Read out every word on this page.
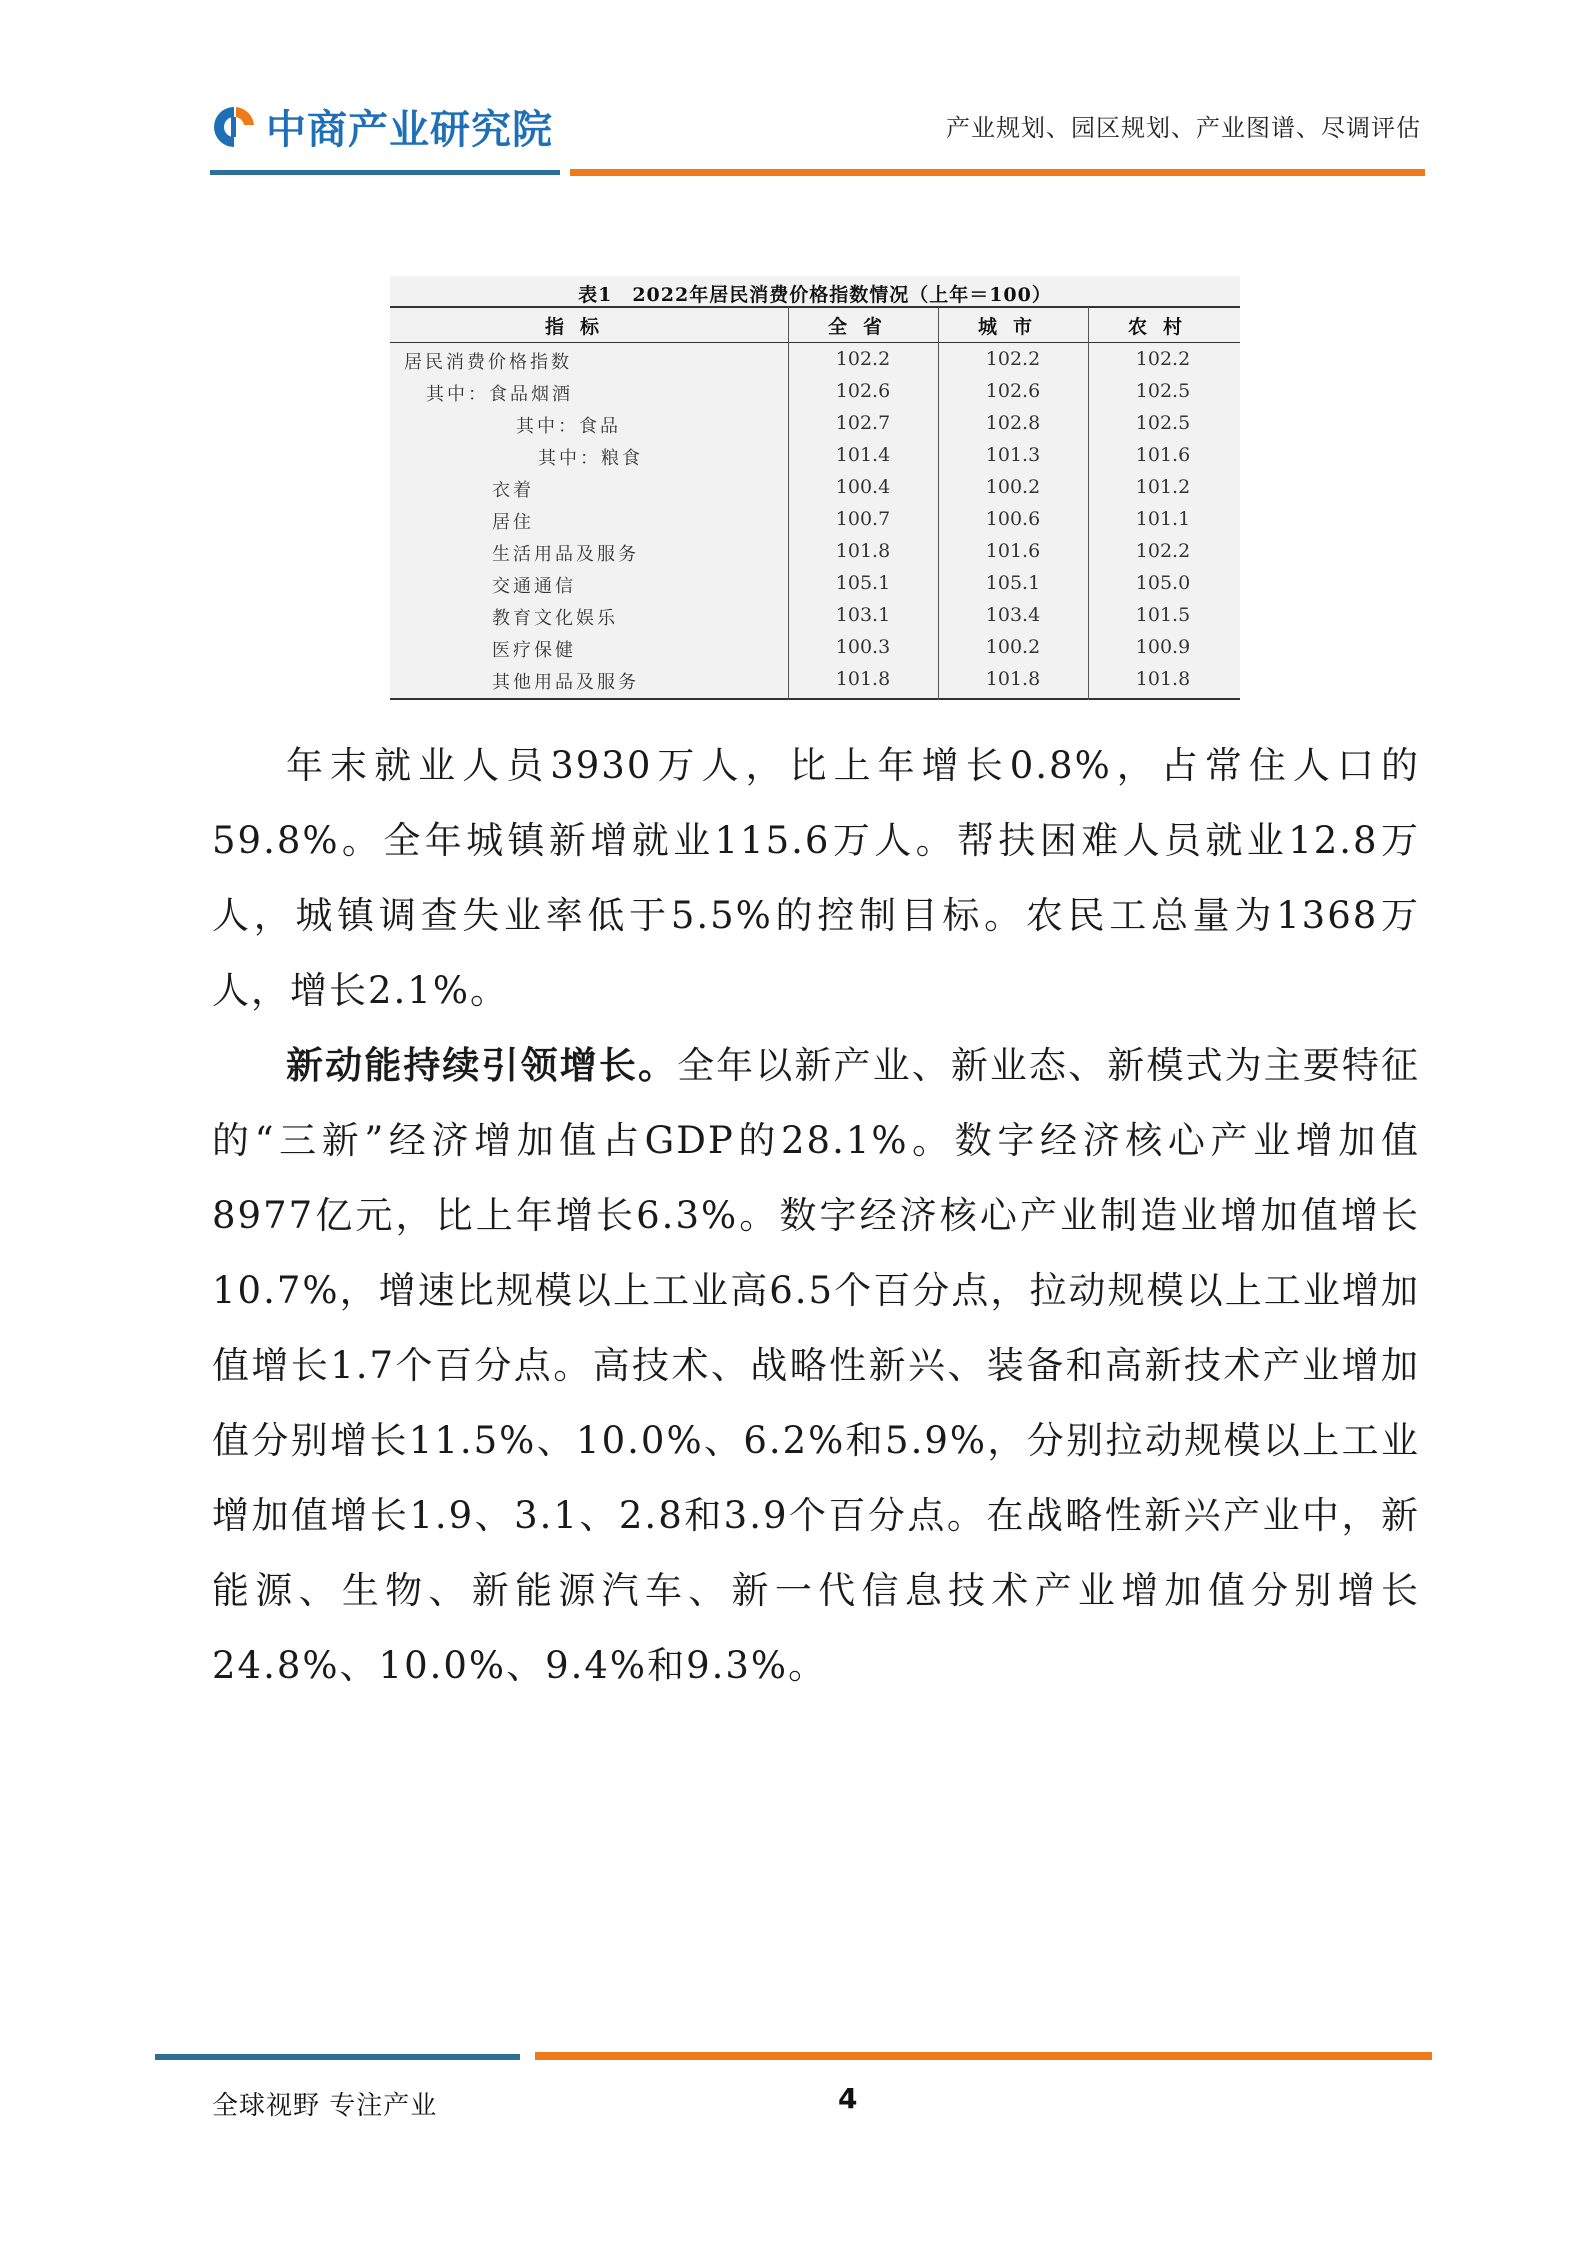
中商产业研究院	产业规划、园区规划、产业图谱、尽调评估
表1　2022年居民消费价格指数情况（上年＝100）
指标	全省	城市	农村
居民消费价格指数	102.2	102.2	102.2
其中：食品烟酒	102.6	102.6	102.5
其中：食品	102.7	102.8	102.5
其中：粮食	101.4	101.3	101.6
衣着	100.4	100.2	101.2
居住	100.7	100.6	101.1
生活用品及服务	101.8	101.6	102.2
交通通信	105.1	105.1	105.0
教育文化娱乐	103.1	103.4	101.5
医疗保健	100.3	100.2	100.9
其他用品及服务	101.8	101.8	101.8

年末就业人员3930万人，比上年增长0.8%，占常住人口的59.8%。全年城镇新增就业115.6万人。帮扶困难人员就业12.8万人，城镇调查失业率低于5.5%的控制目标。农民工总量为1368万人，增长2.1%。

新动能持续引领增长。全年以新产业、新业态、新模式为主要特征的“三新”经济增加值占GDP的28.1%。数字经济核心产业增加值8977亿元，比上年增长6.3%。数字经济核心产业制造业增加值增长10.7%，增速比规模以上工业高6.5个百分点，拉动规模以上工业增加值增长1.7个百分点。高技术、战略性新兴、装备和高新技术产业增加值分别增长11.5%、10.0%、6.2%和5.9%，分别拉动规模以上工业增加值增长1.9、3.1、2.8和3.9个百分点。在战略性新兴产业中，新能源、生物、新能源汽车、新一代信息技术产业增加值分别增长24.8%、10.0%、9.4%和9.3%。

全球视野 专注产业	4
